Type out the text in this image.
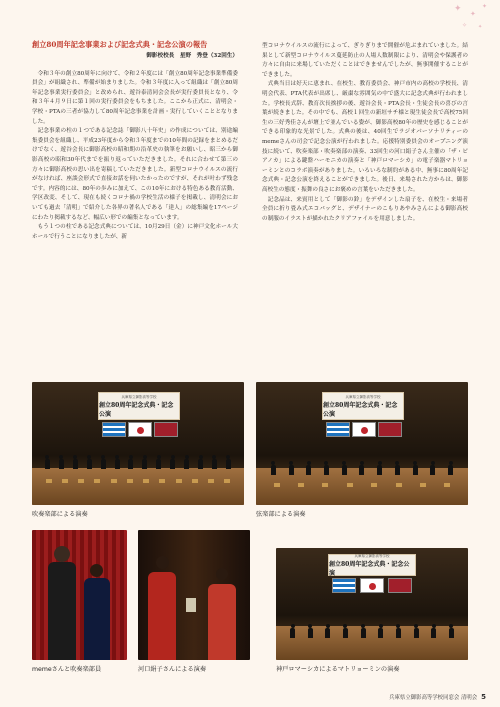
✦ ✦
✦
✧ ✦
創立80周年記念事業および記念式典・記念公演の報告
御影校校長　星野　秀登（32回生）

令和３年の創立80周年に向けて、令和２年度には「創立80周年記念事業準備委員会」が組織され、準備が始まりました。令和３年度に入って組織は「創立80周年記念事業実行委員会」と改められ、遊谷泰清同会会長が実行委員長となり、令和３年４月９日に第１回の実行委員会をもちました。ここから正式に、清明会・学校・PTAの三者が協力して80周年記念事業を計画・実行していくこととなりました。

記念事業の柱の１つである記念誌「御影八十年史」の作成については、別途編集委員会を組織し、平成23年度から令和３年度までの10年間の記録をまとめるだけでなく、遊谷会長に御影高校の昭和期の沿革史の執筆をお願いし、昭三から御影高校の昭和30年代までを振り返っていただきました。それに合わせて第三の方々に御影高校の思い出を寄稿していただきました。新型コロナウイルスの流行がなければ、座談会形式で直接お話を伺いたかったのですが、それが叶わず残念です。内容的には、80年の歩みに加えて、この10年における特色ある教育活動、学区改変、そして、現在も続くコロナ禍の学校生活の様子を掲載し、清明会においても過去「清明」で紹介した各界の著名人である「達人」の総集編を17ページにわたり掲載するなど、幅広い形での編集となっています。

もう１つの柱である記念式典については、10月29日（金）に神戸文化ホール大ホールで行うことになりましたが、新

型コロナウイルスの流行によって、ぎりぎりまで開催が危ぶまれていました。結果として新型コロナウイルス蔓延防止の人場人数制限により、清明会や保護者の方々に自由に来場していただくことはできませんでしたが、無事開催することができました。

式典当日は好天に恵まれ、在校生、教育委員会、神戸市内の高校の学校長、清明会代表、PTA代表が出席し、厳粛な雰囲気の中で盛大に記念式典が行われました。学校長式辞、教育次長挨拶の後、遊谷会長・PTA会長・生徒会長の喜びの言葉が続きました。その中でも、高校１回生の新垣サチ様と現生徒会長で高校75回生の三好秀佳さんが壇上で並んでいる姿が、御影高校80年の歴史を感じることができる印象的な光景でした。式典の後は、40回生でラジオパーソナリティーのmemeさんの司会で記念公演が行われました。応援特別委員会のオープニング演技に続いて、吹奏楽部・吹奏楽部の演奏、33回生の河口絹子さん主催の「ザ・ピアノカ」による鍵盤ハーモニカの演奏と「神戸ロマーシカ」の電子楽器マトリョーミンとのコラボ演奏がありました。いろいろな制約がある中、無事に80周年記念式典・記念公演を終えることができました。後日、来場された方からは、御影高校生の態度・振舞の良さにお褒めの言葉をいただきました。

記念品は、来賓用として「御影の鈴」をデザインした扇子を、在校生・来場者全員に折り畳み式エコバッグと、デザイナーのこもりあやみさんによる御影高校の制服のイラストが描かれたクリアファイルを用意しました。

兵庫県立御影高等学校
創立80周年記念式典・記念公演
吹奏楽部による演奏
兵庫県立御影高等学校
創立80周年記念式典・記念公演
弦楽部による演奏
memeさんと吹奏楽部員	河口絹子さんによる演奏
兵庫県立御影高等学校
創立80周年記念式典・記念公演
神戸ロマーシカによるマトリョーミンの演奏
兵庫県立御影高等学校同窓会 清明会 5
